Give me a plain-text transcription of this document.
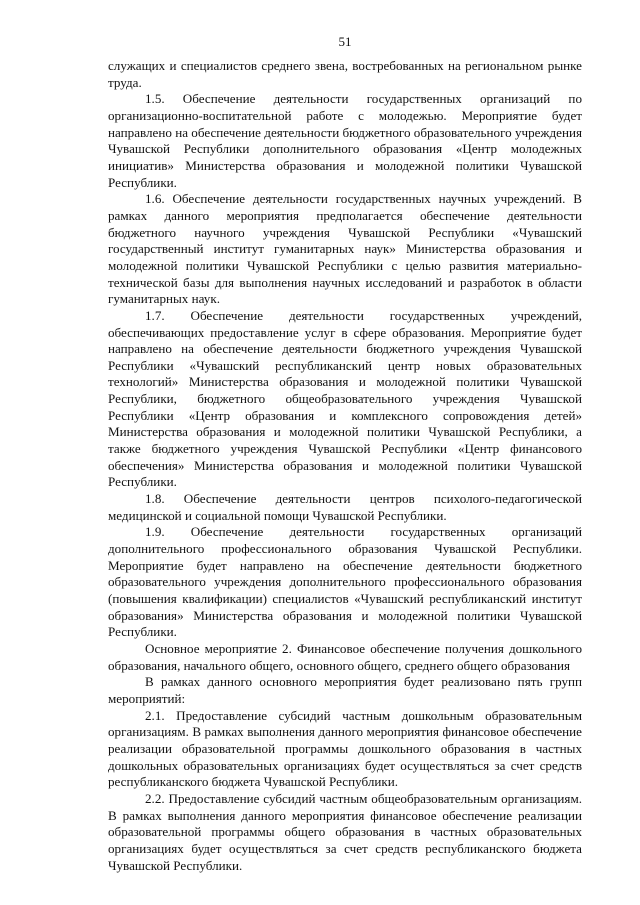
51

служащих и специалистов среднего звена, востребованных на региональном рынке труда.

1.5. Обеспечение деятельности государственных организаций по организационно-воспитательной работе с молодежью. Мероприятие будет направлено на обеспечение деятельности бюджетного образовательного учреждения Чувашской Республики дополнительного образования «Центр молодежных инициатив» Министерства образования и молодежной политики Чувашской Республики.

1.6. Обеспечение деятельности государственных научных учреждений. В рамках данного мероприятия предполагается обеспечение деятельности бюджетного научного учреждения Чувашской Республики «Чувашский государственный институт гуманитарных наук» Министерства образования и молодежной политики Чувашской Республики с целью развития материально-технической базы для выполнения научных исследований и разработок в области гуманитарных наук.

1.7. Обеспечение деятельности государственных учреждений, обеспечивающих предоставление услуг в сфере образования. Мероприятие будет направлено на обеспечение деятельности бюджетного учреждения Чувашской Республики «Чувашский республиканский центр новых образовательных технологий» Министерства образования и молодежной политики Чувашской Республики, бюджетного общеобразовательного учреждения Чувашской Республики «Центр образования и комплексного сопровождения детей» Министерства образования и молодежной политики Чувашской Республики, а также бюджетного учреждения Чувашской Республики «Центр финансового обеспечения» Министерства образования и молодежной политики Чувашской Республики.

1.8. Обеспечение деятельности центров психолого-педагогической медицинской и социальной помощи Чувашской Республики.

1.9. Обеспечение деятельности государственных организаций дополнительного профессионального образования Чувашской Республики. Мероприятие будет направлено на обеспечение деятельности бюджетного образовательного учреждения дополнительного профессионального образования (повышения квалификации) специалистов «Чувашский республиканский институт образования» Министерства образования и молодежной политики Чувашской Республики.

Основное мероприятие 2. Финансовое обеспечение получения дошкольного образования, начального общего, основного общего, среднего общего образования

В рамках данного основного мероприятия будет реализовано пять групп мероприятий:

2.1. Предоставление субсидий частным дошкольным образовательным организациям. В рамках выполнения данного мероприятия финансовое обеспечение реализации образовательной программы дошкольного образования в частных дошкольных образовательных организациях будет осуществляться за счет средств республиканского бюджета Чувашской Республики.

2.2. Предоставление субсидий частным общеобразовательным организациям. В рамках выполнения данного мероприятия финансовое обеспечение реализации образовательной программы общего образования в частных образовательных организациях будет осуществляться за счет средств республиканского бюджета Чувашской Республики.
